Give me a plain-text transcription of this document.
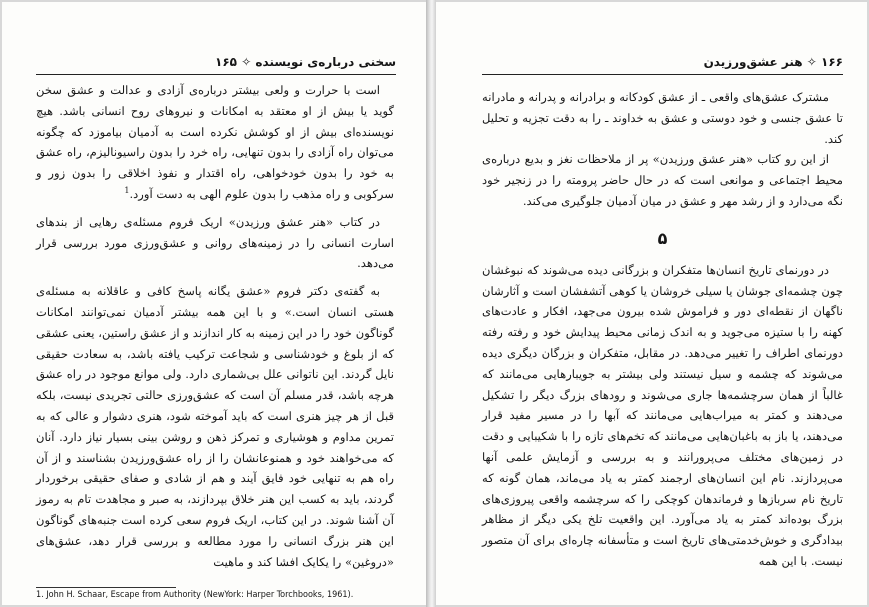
سخنی درباره‌ی نویسنده ✧ ۱۶۵

است با حرارت و ولعی بیشتر درباره‌ی آزادی و عدالت و عشق سخن گوید یا بیش از او معتقد به امکانات و نیروهای روح انسانی باشد. هیچ نویسنده‌ای بیش از او کوشش نکرده است به آدمیان بیاموزد که چگونه می‌توان راه آزادی را بدون تنهایی، راه خرد را بدون راسیونالیزم، راه عشق به خود را بدون خودخواهی، راه اقتدار و نفوذ اخلاقی را بدون زور و سرکوبی و راه مذهب را بدون علوم الهی به دست آورد.$^1$

در کتاب «هنر عشق ورزیدن» اریک فروم مسئله‌ی رهایی از بندهای اسارت انسانی را در زمینه‌های روانی و عشق‌ورزی مورد بررسی قرار می‌دهد.

به گفته‌ی دکتر فروم «عشق یگانه پاسخ کافی و عاقلانه به مسئله‌ی هستی انسان است.» و با این همه بیشتر آدمیان نمی‌توانند امکانات گوناگون خود را در این زمینه به کار اندازند و از عشق راستین، یعنی عشقی که از بلوغ و خودشناسی و شجاعت ترکیب یافته باشد، به سعادت حقیقی نایل گردند. این ناتوانی علل بی‌شماری دارد. ولی موانع موجود در راه عشق هرچه باشد، قدر مسلم آن است که عشق‌ورزی حالتی تجریدی نیست، بلکه قبل از هر چیز هنری است که باید آموخته شود، هنری دشوار و عالی که به تمرین مداوم و هوشیاری و تمرکز ذهن و روشن بینی بسیار نیاز دارد. آنان که می‌خواهند خود و همنوعانشان را از راه عشق‌ورزیدن بشناسند و از آن راه هم به تنهایی خود فایق آیند و هم از شادی و صفای حقیقی برخوردار گردند، باید به کسب این هنر خلاق بپردازند، به صبر و مجاهدت تام به رموز آن آشنا شوند. در این کتاب، اریک فروم سعی کرده است جنبه‌های گوناگون این هنر بزرگ انسانی را مورد مطالعه و بررسی قرار دهد، عشق‌های «دروغین» را یکایک افشا کند و ماهیت

1. John H. Schaar, Escape from Authority (NewYork: Harper Torchbooks, 1961).
۱۶۶ ✧ هنر عشق‌ورزیدن

مشترک عشق‌های واقعی ـ از عشق کودکانه و برادرانه و پدرانه و مادرانه تا عشق جنسی و خود دوستی و عشق به خداوند ـ را به دقت تجزیه و تحلیل کند.

از این رو کتاب «هنر عشق ورزیدن» پر از ملاحظات نغز و بدیع درباره‌ی محیط اجتماعی و موانعی است که در حال حاضر پرومته را در زنجیر خود نگه می‌دارد و از رشد مهر و عشق در میان آدمیان جلوگیری می‌کند.

۵

در دورنمای تاریخ انسان‌ها متفکران و بزرگانی دیده می‌شوند که نبوغشان چون چشمه‌ای جوشان یا سیلی خروشان یا کوهی آتشفشان است و آثارشان ناگهان از نقطه‌ای دور و فراموش شده بیرون می‌جهد، افکار و عادت‌های کهنه را با ستیزه می‌جوید و به اندک زمانی محیط پیدایش خود و رفته رفته دورنمای اطراف را تغییر می‌دهد. در مقابل، متفکران و بزرگان دیگری دیده می‌شوند که چشمه و سیل نیستند ولی بیشتر به جویبارهایی می‌مانند که غالباً از همان سرچشمه‌ها جاری می‌شوند و رودهای بزرگ دیگر را تشکیل می‌دهند و کمتر به میراب‌هایی می‌مانند که آبها را در مسیر مفید قرار می‌دهند، یا باز به باغبان‌هایی می‌مانند که تخم‌های تازه را با شکیبایی و دقت در زمین‌های مختلف می‌پرورانند و به بررسی و آزمایش علمی آنها می‌پردازند. نام این انسان‌های ارجمند کمتر به یاد می‌ماند، همان گونه که تاریخ نام سربازها و فرماندهان کوچکی را که سرچشمه واقعی پیروزی‌های بزرگ بوده‌اند کمتر به یاد می‌آورد. این واقعیت تلخ یکی دیگر از مظاهر بیدادگری و خوش‌خدمتی‌های تاریخ است و متأسفانه چاره‌ای برای آن متصور نیست. با این همه
